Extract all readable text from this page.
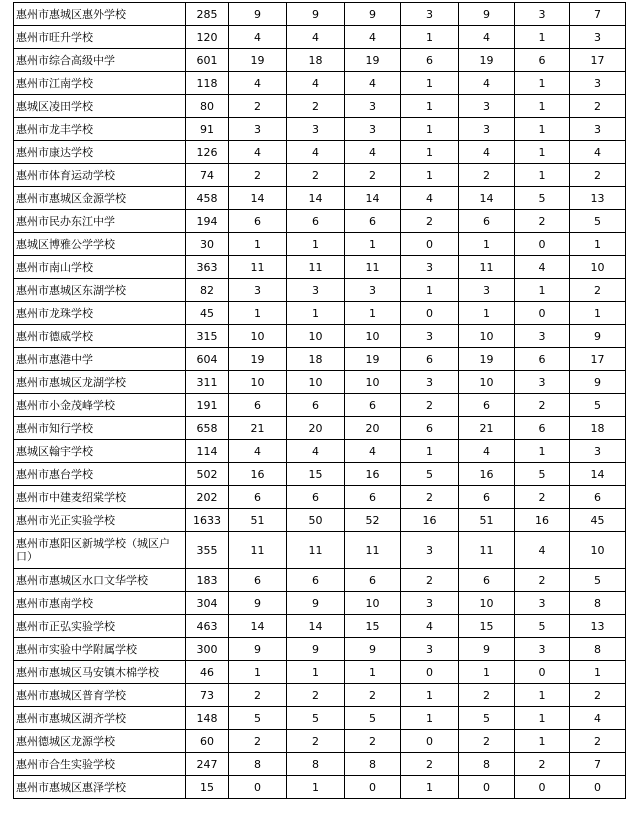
惠州市惠城区惠外学校	285	9	9	9	3	9	3	7
惠州市旺升学校	120	4	4	4	1	4	1	3
惠州市综合高级中学	601	19	18	19	6	19	6	17
惠州市江南学校	118	4	4	4	1	4	1	3
惠城区凌田学校	80	2	2	3	1	3	1	2
惠州市龙丰学校	91	3	3	3	1	3	1	3
惠州市康达学校	126	4	4	4	1	4	1	4
惠州市体育运动学校	74	2	2	2	1	2	1	2
惠州市惠城区金源学校	458	14	14	14	4	14	5	13
惠州市民办东江中学	194	6	6	6	2	6	2	5
惠城区博雅公学学校	30	1	1	1	0	1	0	1
惠州市南山学校	363	11	11	11	3	11	4	10
惠州市惠城区东湖学校	82	3	3	3	1	3	1	2
惠州市龙珠学校	45	1	1	1	0	1	0	1
惠州市德威学校	315	10	10	10	3	10	3	9
惠州市惠港中学	604	19	18	19	6	19	6	17
惠州市惠城区龙湖学校	311	10	10	10	3	10	3	9
惠州市小金茂峰学校	191	6	6	6	2	6	2	5
惠州市知行学校	658	21	20	20	6	21	6	18
惠城区翰宇学校	114	4	4	4	1	4	1	3
惠州市惠台学校	502	16	15	16	5	16	5	14
惠州市中建麦绍棠学校	202	6	6	6	2	6	2	6
惠州市光正实验学校	1633	51	50	52	16	51	16	45
惠州市惠阳区新城学校（城区户口）	355	11	11	11	3	11	4	10
惠州市惠城区水口文华学校	183	6	6	6	2	6	2	5
惠州市惠南学校	304	9	9	10	3	10	3	8
惠州市正弘实验学校	463	14	14	15	4	15	5	13
惠州市实验中学附属学校	300	9	9	9	3	9	3	8
惠州市惠城区马安镇木棉学校	46	1	1	1	0	1	0	1
惠州市惠城区普育学校	73	2	2	2	1	2	1	2
惠州市惠城区湖齐学校	148	5	5	5	1	5	1	4
惠州德城区龙源学校	60	2	2	2	0	2	1	2
惠州市合生实验学校	247	8	8	8	2	8	2	7
惠州市惠城区惠泽学校	15	0	1	0	1	0	0	0
